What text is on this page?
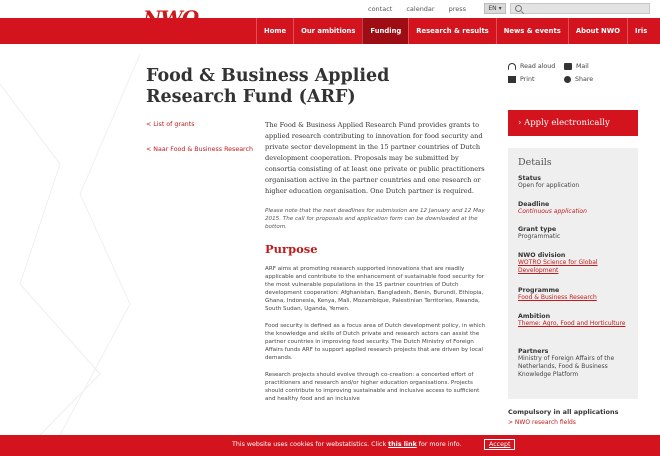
contact calendar press	EN ▾
Home	Our ambitions	Funding	Research & results	News & events	About NWO	Iris
Food & Business Applied Research Fund (ARF)
< List of grants
< Naar Food & Business Research

The Food & Business Applied Research Fund provides grants to applied research contributing to innovation for food security and private sector development in the 15 partner countries of Dutch development cooperation. Proposals may be submitted by consortia consisting of at least one private or public practitioners organisation active in the partner countries and one research or higher education organisation. One Dutch partner is required.

Please note that the next deadlines for submission are 12 January and 12 May 2015. The call for proposals and application form can be downloaded at the bottom.

Purpose

ARF aims at promoting research supported innovations that are readily applicable and contribute to the enhancement of sustainable food security for the most vulnerable populations in the 15 partner countries of Dutch development cooperation: Afghanistan, Bangladesh, Benin, Burundi, Ethiopia, Ghana, Indonesia, Kenya, Mali, Mozambique, Palestinian Territories, Rwanda, South Sudan, Uganda, Yemen.

Food security is defined as a focus area of Dutch development policy, in which the knowledge and skills of Dutch private and research actors can assist the partner countries in improving food security. The Dutch Ministry of Foreign Affairs funds ARF to support applied research projects that are driven by local demands.

Research projects should evolve through co-creation: a concerted effort of practitioners and research and/or higher education organisations. Projects should contribute to improving sustainable and inclusive access to sufficient and healthy food and an inclusive

Read aloud	Mail
Print	Share
› Apply electronically
Details
Status
Open for application
Deadline
Continuous application
Grant type
Programmatic
NWO division
WOTRO Science for Global Development
Programme
Food & Business Research
Ambition
Theme: Agro, Food and Horticulture
Partners
Ministry of Foreign Affairs of the Netherlands, Food & Business Knowledge Platform
Compulsory in all applications
> NWO research fields
This website uses cookies for webstatistics. Click this link for more info.	Accept
